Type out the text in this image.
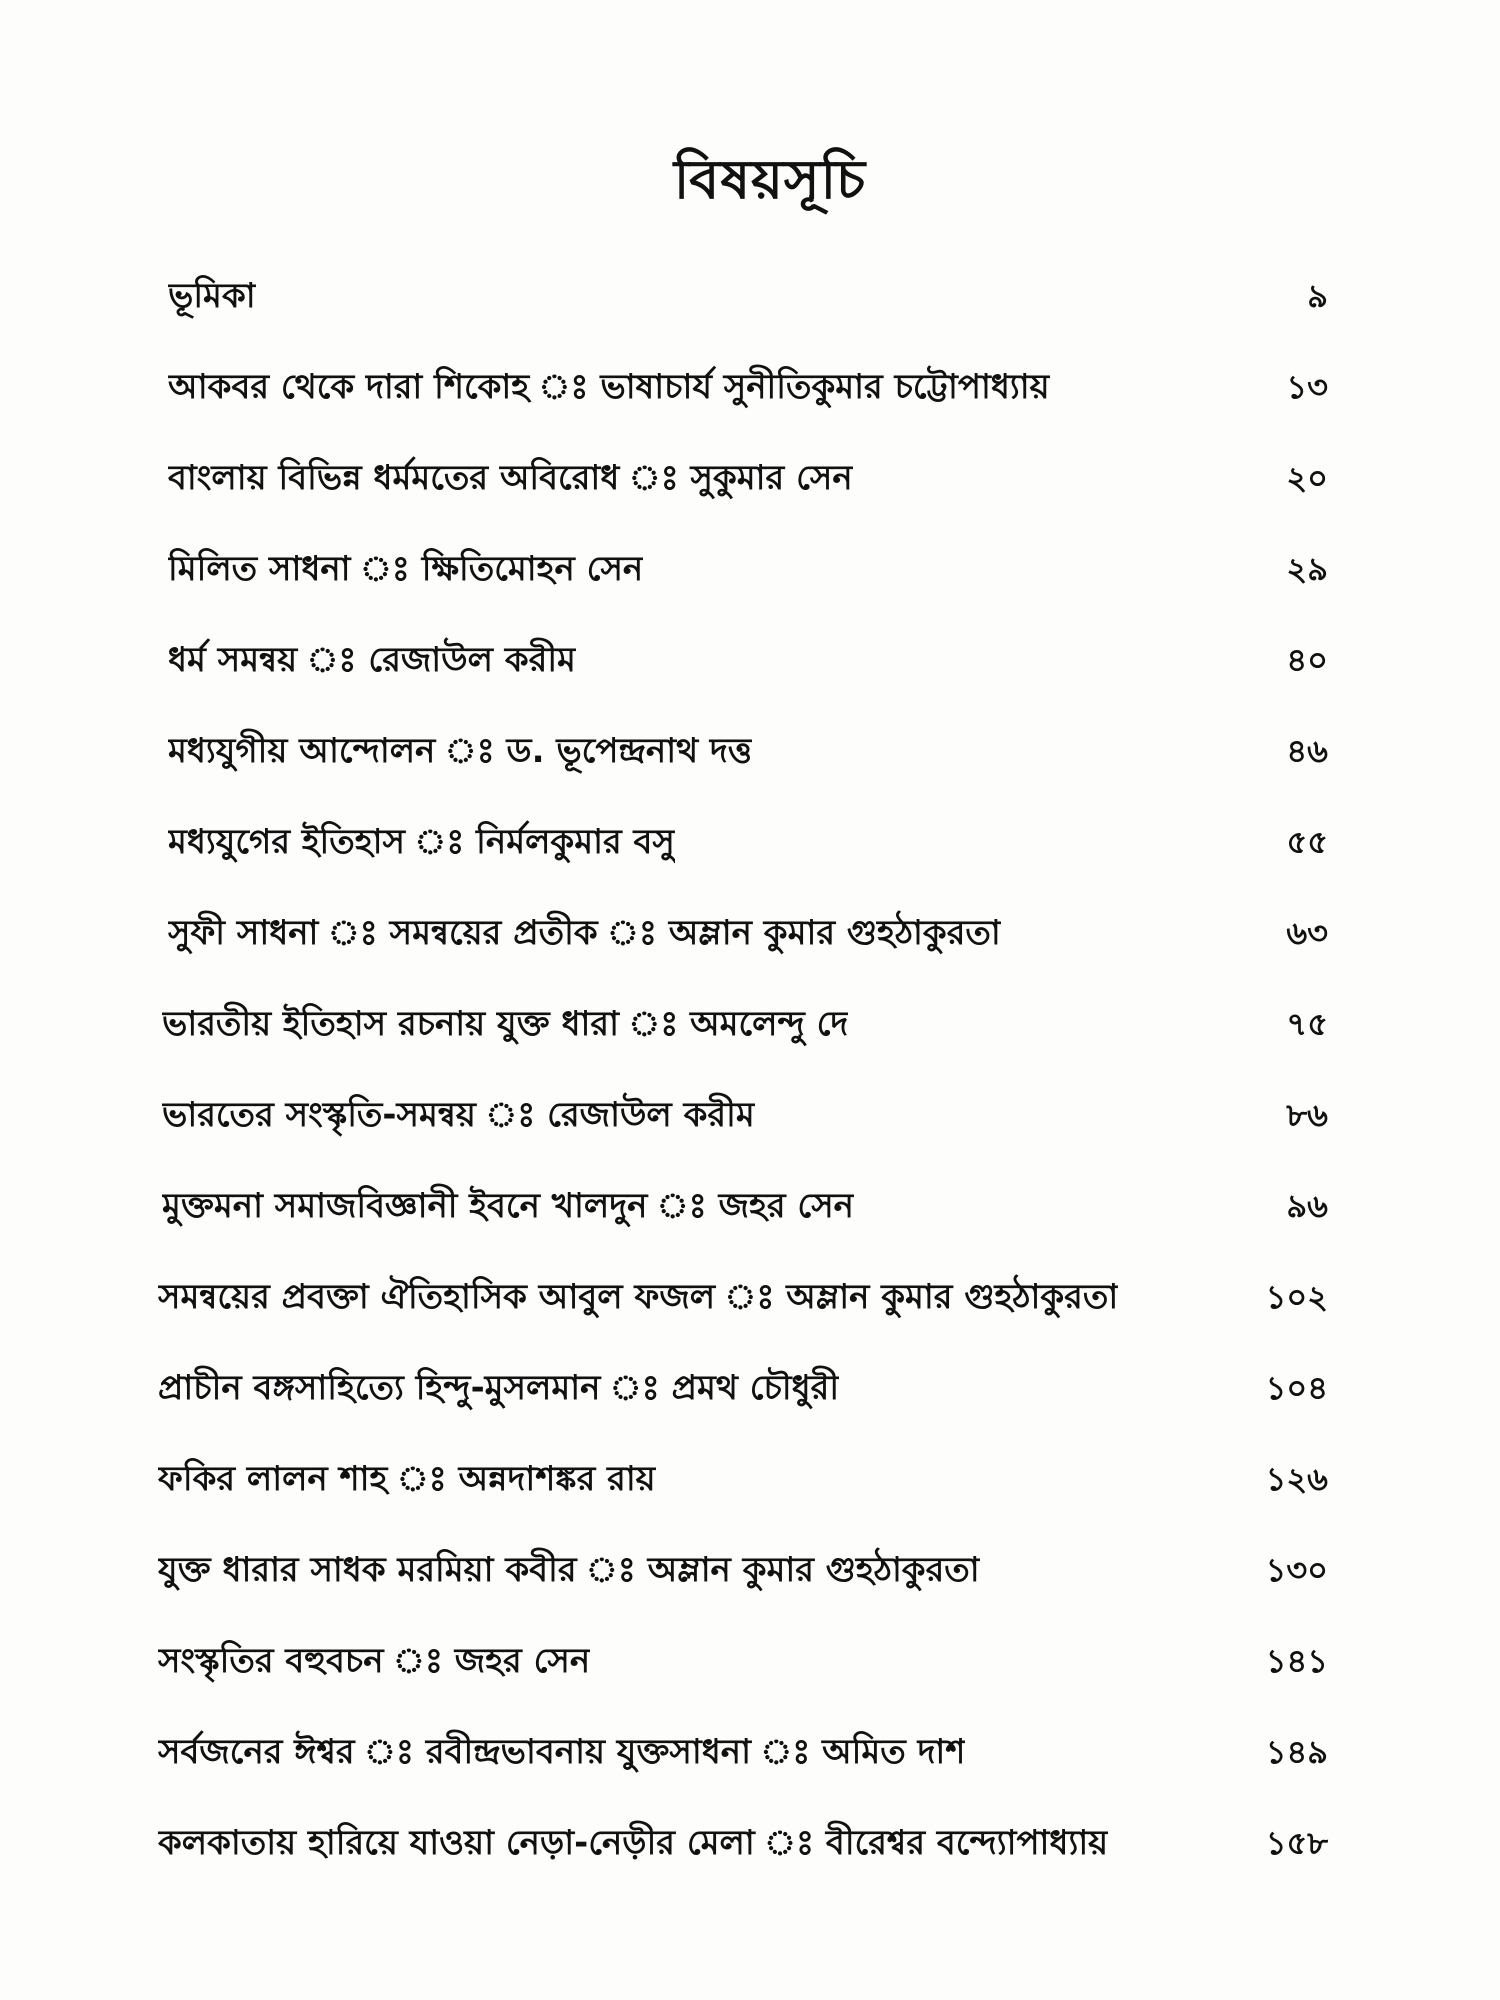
বিষয়সূচি
ভূমিকা	৯
আকবর থেকে দারা শিকোহ ঃ ভাষাচার্য সুনীতিকুমার চট্টোপাধ্যায়	১৩
বাংলায় বিভিন্ন ধর্মমতের অবিরোধ ঃ সুকুমার সেন	২০
মিলিত সাধনা ঃ ক্ষিতিমোহন সেন	২৯
ধর্ম সমন্বয় ঃ রেজাউল করীম	৪০
মধ্যযুগীয় আন্দোলন ঃ ড. ভূপেন্দ্রনাথ দত্ত	৪৬
মধ্যযুগের ইতিহাস ঃ নির্মলকুমার বসু	৫৫
সুফী সাধনা ঃ সমন্বয়ের প্রতীক ঃ অম্লান কুমার গুহঠাকুরতা	৬৩
ভারতীয় ইতিহাস রচনায় যুক্ত ধারা ঃ অমলেন্দু দে	৭৫
ভারতের সংস্কৃতি-সমন্বয় ঃ রেজাউল করীম	৮৬
মুক্তমনা সমাজবিজ্ঞানী ইবনে খালদুন ঃ জহর সেন	৯৬
সমন্বয়ের প্রবক্তা ঐতিহাসিক আবুল ফজল ঃ অম্লান কুমার গুহঠাকুরতা	১০২
প্রাচীন বঙ্গসাহিত্যে হিন্দু-মুসলমান ঃ প্রমথ চৌধুরী	১০৪
ফকির লালন শাহ ঃ অন্নদাশঙ্কর রায়	১২৬
যুক্ত ধারার সাধক মরমিয়া কবীর ঃ অম্লান কুমার গুহঠাকুরতা	১৩০
সংস্কৃতির বহুবচন ঃ জহর সেন	১৪১
সর্বজনের ঈশ্বর ঃ রবীন্দ্রভাবনায় যুক্তসাধনা ঃ অমিত দাশ	১৪৯
কলকাতায় হারিয়ে যাওয়া নেড়া-নেড়ীর মেলা ঃ বীরেশ্বর বন্দ্যোপাধ্যায়	১৫৮
